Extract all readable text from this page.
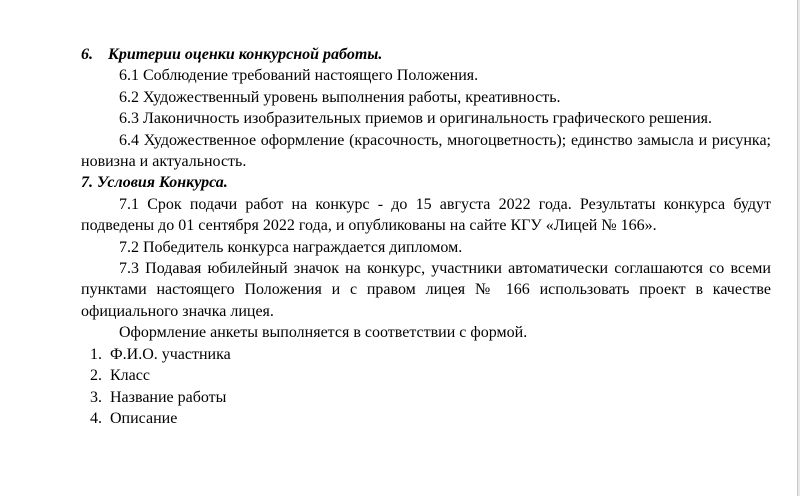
6. Критерии оценки конкурсной работы.

6.1 Соблюдение требований настоящего Положения.

6.2 Художественный уровень выполнения работы, креативность.

6.3 Лаконичность изобразительных приемов и оригинальность графического решения.

6.4 Художественное оформление (красочность, многоцветность); единство замысла и рисунка; новизна и актуальность.

7. Условия Конкурса.

7.1 Срок подачи работ на конкурс - до 15 августа 2022 года. Результаты конкурса будут подведены до 01 сентября 2022 года, и опубликованы на сайте КГУ «Лицей № 166».

7.2 Победитель конкурса награждается дипломом.

7.3 Подавая юбилейный значок на конкурс, участники автоматически соглашаются со всеми пунктами настоящего Положения и с правом лицея № 166 использовать проект в качестве официального значка лицея.

Оформление анкеты выполняется в соответствии с формой.

1. Ф.И.О. участника
2. Класс
3. Название работы
4. Описание
